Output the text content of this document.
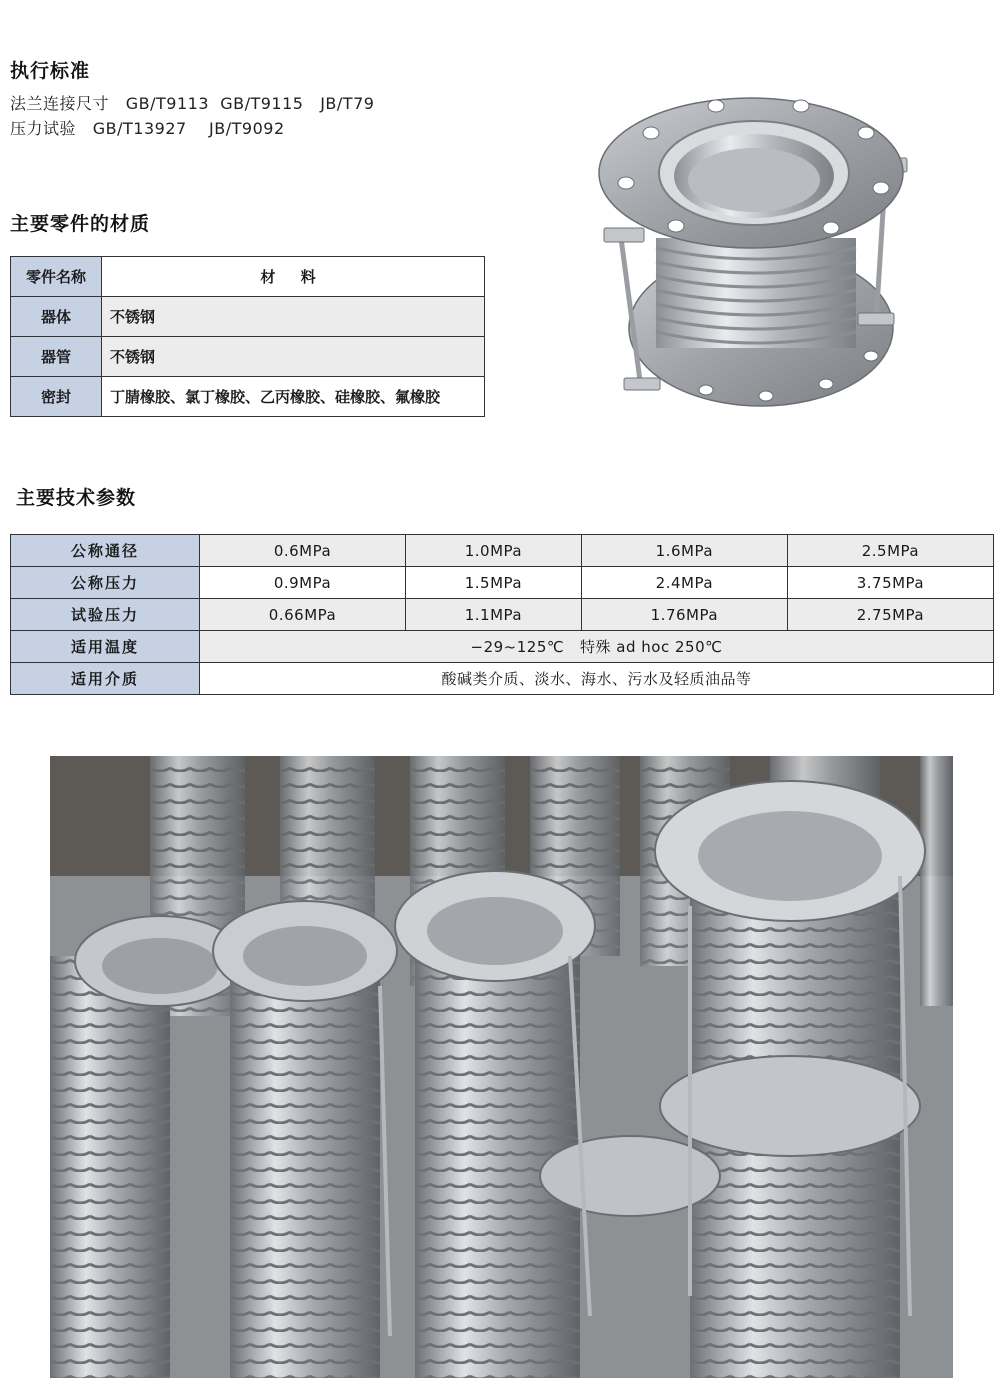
执行标准
法兰连接尺寸   GB/T9113  GB/T9115   JB/T79
压力试验   GB/T13927    JB/T9092
主要零件的材质
零件名称	材 料
器体	不锈钢
器管	不锈钢
密封	丁腈橡胶、氯丁橡胶、乙丙橡胶、硅橡胶、氟橡胶
主要技术参数
公称通径	0.6MPa	1.0MPa	1.6MPa	2.5MPa
公称压力	0.9MPa	1.5MPa	2.4MPa	3.75MPa
试验压力	0.66MPa	1.1MPa	1.76MPa	2.75MPa
适用温度	−29~125℃   特殊 ad hoc 250℃			
适用介质	酸碱类介质、淡水、海水、污水及轻质油品等			
